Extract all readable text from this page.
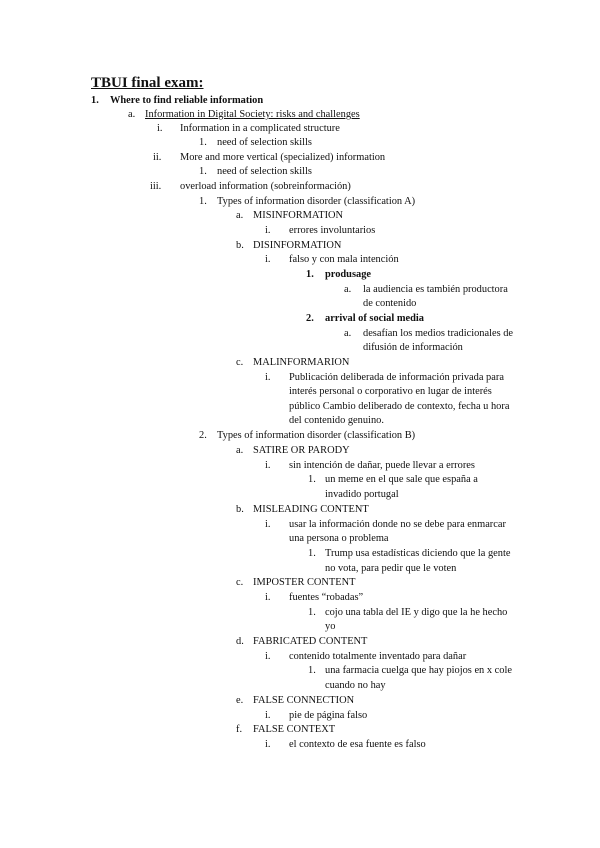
TBUI final exam:
1. Where to find reliable information
a. Information in Digital Society: risks and challenges
i. Information in a complicated structure
1. need of selection skills
ii. More and more vertical (specialized) information
1. need of selection skills
iii. overload information (sobreinformación)
1. Types of information disorder (classification A)
a. MISINFORMATION
i. errores involuntarios
b. DISINFORMATION
i. falso y con mala intención
1. produsage
a. la audiencia es también productora
de contenido
2. arrival of social media
a. desafían los medios tradicionales de
difusión de información
c. MALINFORMARION
i. Publicación deliberada de información privada para
interés personal o corporativo en lugar de interés
público Cambio deliberado de contexto, fecha u hora
del contenido genuino.
2. Types of information disorder (classification B)
a. SATIRE OR PARODY
i. sin intención de dañar, puede llevar a errores
1. un meme en el que sale que españa a
invadido portugal
b. MISLEADING CONTENT
i. usar la información donde no se debe para enmarcar
una persona o problema
1. Trump usa estadísticas diciendo que la gente
no vota, para pedir que le voten
c. IMPOSTER CONTENT
i. fuentes “robadas”
1. cojo una tabla del IE y digo que la he hecho
yo
d. FABRICATED CONTENT
i. contenido totalmente inventado para dañar
1. una farmacia cuelga que hay piojos en x cole
cuando no hay
e. FALSE CONNECTION
i. pie de página falso
f. FALSE CONTEXT
i. el contexto de esa fuente es falso
